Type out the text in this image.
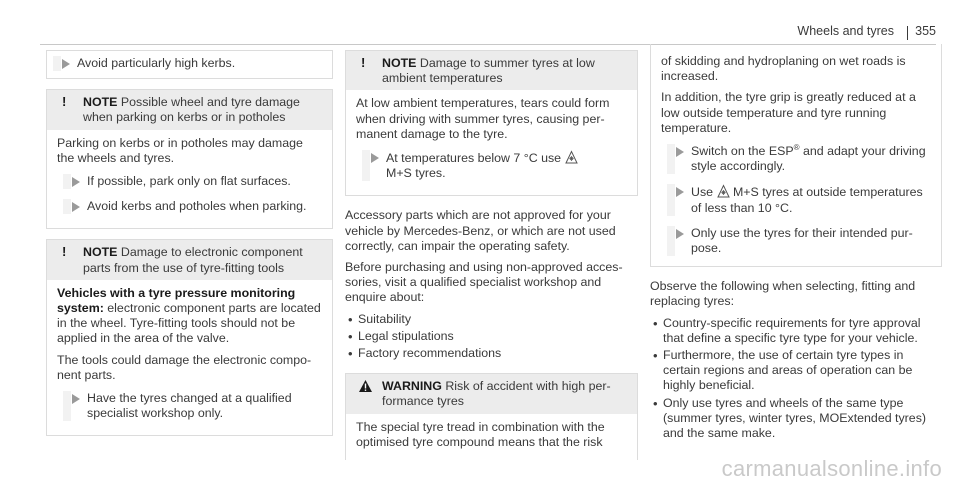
Wheels and tyres 355
Avoid particularly high kerbs.
! NOTE Possible wheel and tyre damage when parking on kerbs or in potholes

Parking on kerbs or in potholes may damage the wheels and tyres.

If possible, park only on flat surfaces.
Avoid kerbs and potholes when parking.
! NOTE Damage to electronic component parts from the use of tyre-fitting tools

Vehicles with a tyre pressure monitoring system: electronic component parts are located in the wheel. Tyre-fitting tools should not be applied in the area of the valve.

The tools could damage the electronic component parts.

Have the tyres changed at a qualified specialist workshop only.
! NOTE Damage to summer tyres at low ambient temperatures

At low ambient temperatures, tears could form when driving with summer tyres, causing permanent damage to the tyre.

At temperatures below 7 °C use
M+S tyres.

Accessory parts which are not approved for your vehicle by Mercedes-Benz, or which are not used correctly, can impair the operating safety.

Before purchasing and using non-approved accessories, visit a qualified specialist workshop and enquire about:

• Suitability
• Legal stipulations
• Factory recommendations
WARNING Risk of accident with high performance tyres

The special tyre tread in combination with the optimised tyre compound means that the risk

of skidding and hydroplaning on wet roads is increased.

In addition, the tyre grip is greatly reduced at a low outside temperature and tyre running temperature.

Switch on the ESP® and adapt your driving style accordingly.
Use  M+S tyres at outside temperatures of less than 10 °C.
Only use the tyres for their intended purpose.

Observe the following when selecting, fitting and replacing tyres:

• Country-specific requirements for tyre approval that define a specific tyre type for your vehicle.
• Furthermore, the use of certain tyre types in certain regions and areas of operation can be highly beneficial.
• Only use tyres and wheels of the same type (summer tyres, winter tyres, MOExtended tyres) and the same make.
carmanualsonline.info
